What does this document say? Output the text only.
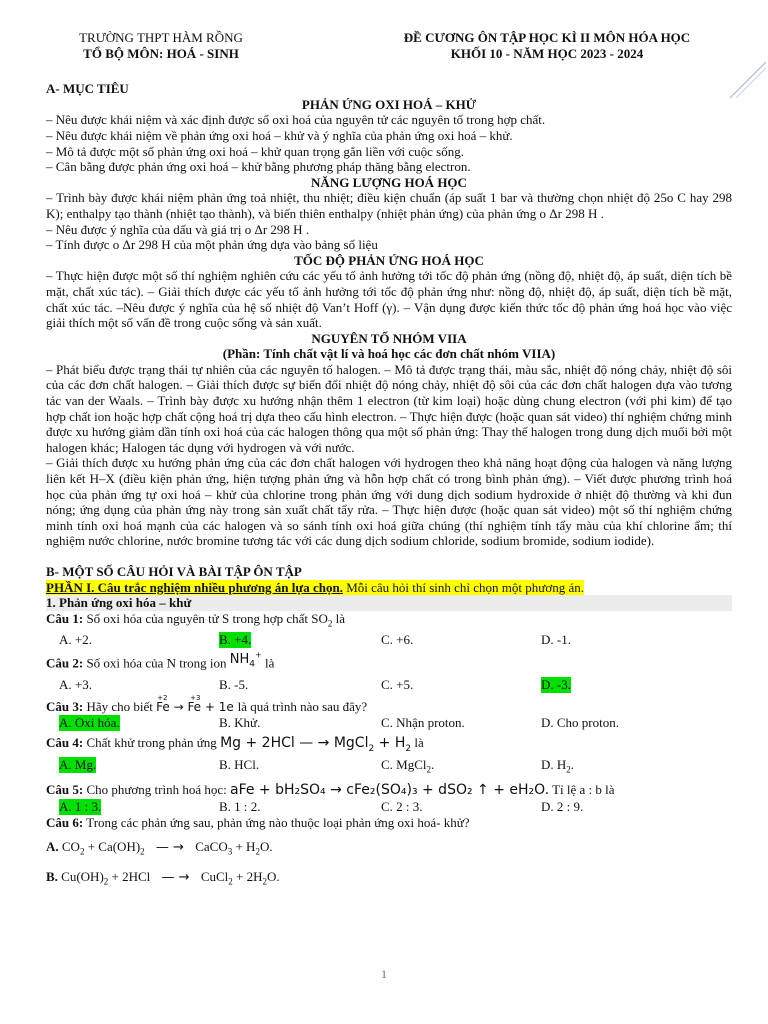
TRƯỜNG THPT HÀM RỒNG
TỔ BỘ MÔN: HOÁ - SINH
ĐỀ CƯƠNG ÔN TẬP HỌC KÌ II MÔN HÓA HỌC
KHỐI 10 - NĂM HỌC 2023 - 2024
A- MỤC TIÊU
PHẢN ỨNG OXI HOÁ – KHỬ
– Nêu được khái niệm và xác định được số oxi hoá của nguyên tử các nguyên tố trong hợp chất.
– Nêu được khái niệm về phản ứng oxi hoá – khử và ý nghĩa của phản ứng oxi hoá – khử.
– Mô tả được một số phản ứng oxi hoá – khử quan trọng gắn liền với cuộc sống.
– Cân bằng được phản ứng oxi hoá – khử bằng phương pháp thăng bằng electron.
NĂNG LƯỢNG HOÁ HỌC
– Trình bày được khái niệm phản ứng toả nhiệt, thu nhiệt; điều kiện chuẩn (áp suất 1 bar và thường chọn nhiệt độ 25o C hay 298 K); enthalpy tạo thành (nhiệt tạo thành), và biến thiên enthalpy (nhiệt phản ứng) của phản ứng o Δr 298 H .
– Nêu được ý nghĩa của dấu và giá trị o Δr 298 H .
– Tính được o Δr 298 H của một phản ứng dựa vào bảng số liệu
TỐC ĐỘ PHẢN ỨNG HOÁ HỌC
– Thực hiện được một số thí nghiệm nghiên cứu các yếu tố ảnh hưởng tới tốc độ phản ứng (nồng độ, nhiệt độ, áp suất, diện tích bề mặt, chất xúc tác). – Giải thích được các yếu tố ảnh hưởng tới tốc độ phản ứng như: nồng độ, nhiệt độ, áp suất, diện tích bề mặt, chất xúc tác. –Nêu được ý nghĩa của hệ số nhiệt độ Van’t Hoff (γ). – Vận dụng được kiến thức tốc độ phản ứng hoá học vào việc giải thích một số vấn đề trong cuộc sống và sản xuất.
NGUYÊN TỐ NHÓM VIIA
(Phần: Tính chất vật lí và hoá học các đơn chất nhóm VIIA)
– Phát biểu được trạng thái tự nhiên của các nguyên tố halogen. – Mô tả được trạng thái, màu sắc, nhiệt độ nóng chảy, nhiệt độ sôi của các đơn chất halogen. – Giải thích được sự biến đổi nhiệt độ nóng chảy, nhiệt độ sôi của các đơn chất halogen dựa vào tương tác van der Waals. – Trình bày được xu hướng nhận thêm 1 electron (từ kim loại) hoặc dùng chung electron (với phi kim) để tạo hợp chất ion hoặc hợp chất cộng hoá trị dựa theo cấu hình electron. – Thực hiện được (hoặc quan sát video) thí nghiệm chứng minh được xu hướng giảm dần tính oxi hoá của các halogen thông qua một số phản ứng: Thay thế halogen trong dung dịch muối bởi một halogen khác; Halogen tác dụng với hydrogen và với nước.
– Giải thích được xu hướng phản ứng của các đơn chất halogen với hydrogen theo khả năng hoạt động của halogen và năng lượng liên kết H–X (điều kiện phản ứng, hiện tượng phản ứng và hỗn hợp chất có trong bình phản ứng). – Viết được phương trình hoá học của phản ứng tự oxi hoá – khử của chlorine trong phản ứng với dung dịch sodium hydroxide ở nhiệt độ thường và khi đun nóng; ứng dụng của phản ứng này trong sản xuất chất tẩy rửa. – Thực hiện được (hoặc quan sát video) một số thí nghiệm chứng minh tính oxi hoá mạnh của các halogen và so sánh tính oxi hoá giữa chúng (thí nghiệm tính tẩy màu của khí chlorine ẩm; thí nghiệm nước chlorine, nước bromine tương tác với các dung dịch sodium chloride, sodium bromide, sodium iodide).
B- MỘT SỐ CÂU HỎI VÀ BÀI TẬP ÔN TẬP
PHẦN I. Câu trắc nghiệm nhiều phương án lựa chọn. Mỗi câu hỏi thí sinh chỉ chọn một phương án.
1. Phản ứng oxi hóa – khử
Câu 1: Số oxi hóa của nguyên tử S trong hợp chất $SO_2$ là
A. +2.	B. +4.	C. +6.	D. -1.
Câu 2: Số oxi hóa của N trong ion $NH_4^+$ là
A. +3.	B. -5.	C. +5.	D. -3.
Câu 3: Hãy cho biết
+2	+3
Fe → Fe + 1e là quá trình nào sau đây?
A. Oxi hóa.	B. Khử.	C. Nhận proton.	D. Cho proton.
Câu 4: Chất khử trong phản ứng Mg + 2HCl — → MgCl$_2$ + $H_2$ là
A. Mg.	B. HCl.	C. MgCl$_2$.	D. $H_2$.
Câu 5: Cho phương trình hoá học: aFe + bH₂SO₄ → cFe₂(SO₄)₃ + dSO₂ ↑ + eH₂O. Tỉ lệ a : b là
A. 1 : 3.	B. 1 : 2.	C. 2 : 3.	D. 2 : 9.
Câu 6: Trong các phản ứng sau, phản ứng nào thuộc loại phản ứng oxi hoá- khử?
A. $CO_2 + Ca(OH)_2$ — → CaCO$_3$ + $H_2O$.
B. $Cu(OH)_2 + 2HCl$ — → CuCl$_2$ + $2H_2O$.
1
